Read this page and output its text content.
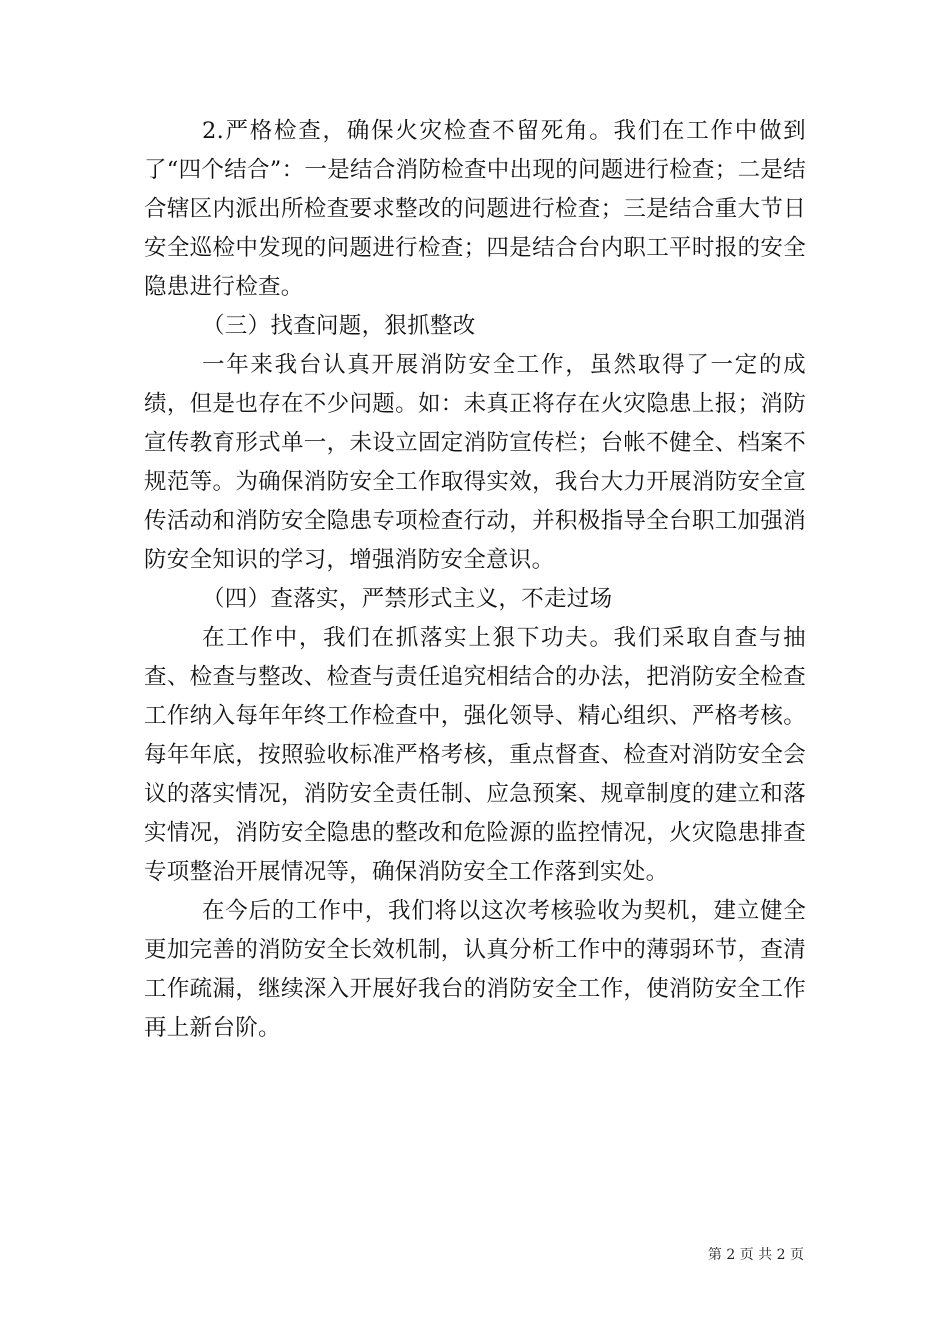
2.严格检查，确保火灾检查不留死角。我们在工作中做到了“四个结合”：一是结合消防检查中出现的问题进行检查；二是结合辖区内派出所检查要求整改的问题进行检查；三是结合重大节日安全巡检中发现的问题进行检查；四是结合台内职工平时报的安全隐患进行检查。

（三）找查问题，狠抓整改

一年来我台认真开展消防安全工作，虽然取得了一定的成绩，但是也存在不少问题。如：未真正将存在火灾隐患上报；消防宣传教育形式单一，未设立固定消防宣传栏；台帐不健全、档案不规范等。为确保消防安全工作取得实效，我台大力开展消防安全宣传活动和消防安全隐患专项检查行动，并积极指导全台职工加强消防安全知识的学习，增强消防安全意识。

（四）查落实，严禁形式主义，不走过场

在工作中，我们在抓落实上狠下功夫。我们采取自查与抽查、检查与整改、检查与责任追究相结合的办法，把消防安全检查工作纳入每年年终工作检查中，强化领导、精心组织、严格考核。每年年底，按照验收标准严格考核，重点督查、检查对消防安全会议的落实情况，消防安全责任制、应急预案、规章制度的建立和落实情况，消防安全隐患的整改和危险源的监控情况，火灾隐患排查专项整治开展情况等，确保消防安全工作落到实处。

在今后的工作中，我们将以这次考核验收为契机，建立健全更加完善的消防安全长效机制，认真分析工作中的薄弱环节，查清工作疏漏，继续深入开展好我台的消防安全工作，使消防安全工作再上新台阶。

第 2 页 共 2 页
